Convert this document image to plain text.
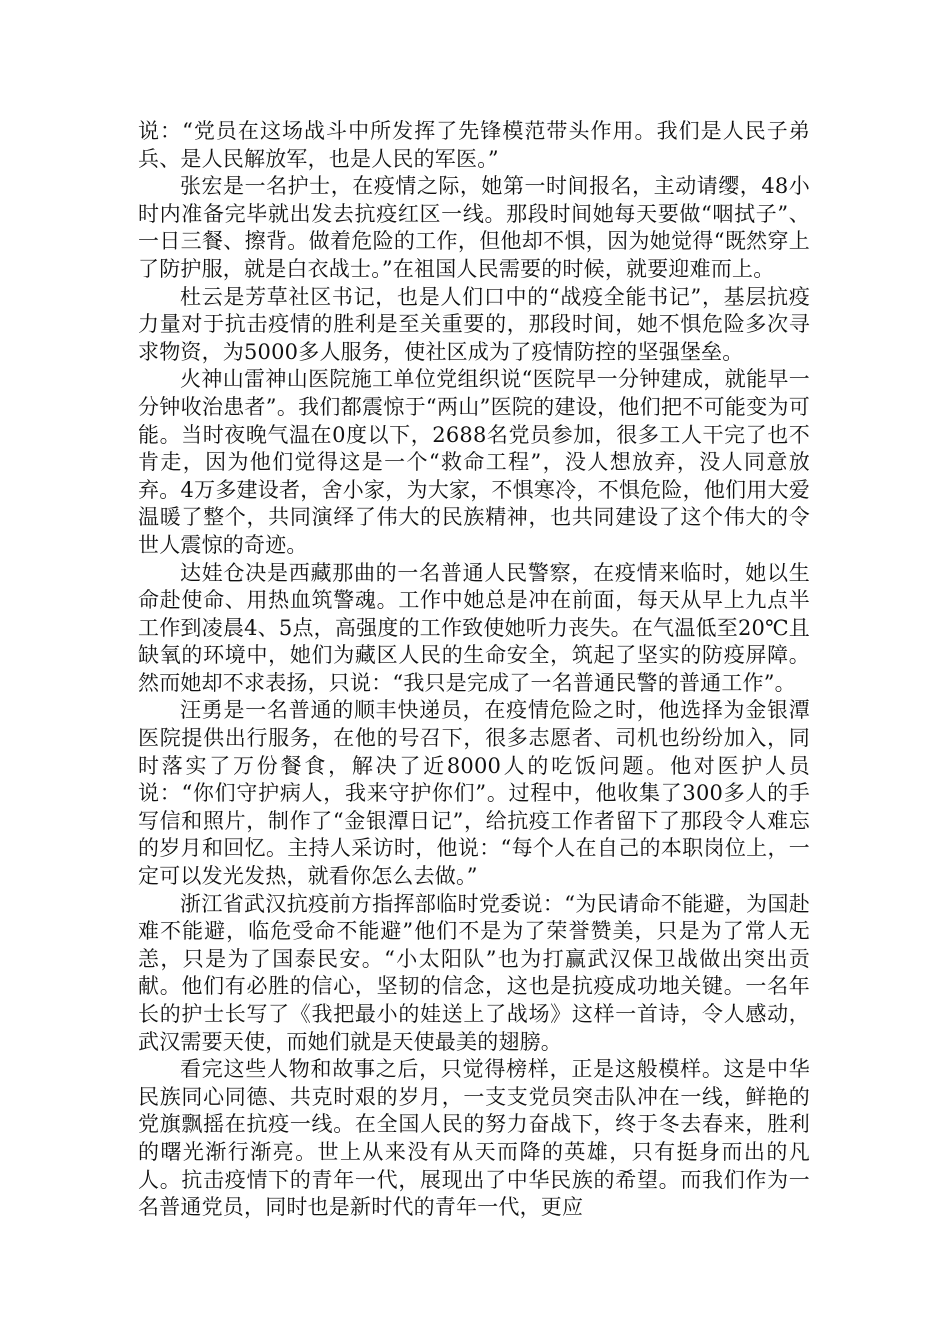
说：“党员在这场战斗中所发挥了先锋模范带头作用。我们是人民子弟兵、是人民解放军，也是人民的军医。”

张宏是一名护士，在疫情之际，她第一时间报名，主动请缨，48小时内准备完毕就出发去抗疫红区一线。那段时间她每天要做“咽拭子”、一日三餐、擦背。做着危险的工作，但他却不惧，因为她觉得“既然穿上了防护服，就是白衣战士。”在祖国人民需要的时候，就要迎难而上。

杜云是芳草社区书记，也是人们口中的“战疫全能书记”，基层抗疫力量对于抗击疫情的胜利是至关重要的，那段时间，她不惧危险多次寻求物资，为5000多人服务，使社区成为了疫情防控的坚强堡垒。

火神山雷神山医院施工单位党组织说“医院早一分钟建成，就能早一分钟收治患者”。我们都震惊于“两山”医院的建设，他们把不可能变为可能。当时夜晚气温在0度以下，2688名党员参加，很多工人干完了也不肯走，因为他们觉得这是一个“救命工程”，没人想放弃，没人同意放弃。4万多建设者，舍小家，为大家，不惧寒冷，不惧危险，他们用大爱温暖了整个，共同演绎了伟大的民族精神，也共同建设了这个伟大的令世人震惊的奇迹。

达娃仓决是西藏那曲的一名普通人民警察，在疫情来临时，她以生命赴使命、用热血筑警魂。工作中她总是冲在前面，每天从早上九点半工作到凌晨4、5点，高强度的工作致使她听力丧失。在气温低至20℃且缺氧的环境中，她们为藏区人民的生命安全，筑起了坚实的防疫屏障。然而她却不求表扬，只说：“我只是完成了一名普通民警的普通工作”。

汪勇是一名普通的顺丰快递员，在疫情危险之时，他选择为金银潭医院提供出行服务，在他的号召下，很多志愿者、司机也纷纷加入，同时落实了万份餐食，解决了近8000人的吃饭问题。他对医护人员说：“你们守护病人，我来守护你们”。过程中，他收集了300多人的手写信和照片，制作了“金银潭日记”，给抗疫工作者留下了那段令人难忘的岁月和回忆。主持人采访时，他说：“每个人在自己的本职岗位上，一定可以发光发热，就看你怎么去做。”

浙江省武汉抗疫前方指挥部临时党委说：“为民请命不能避，为国赴难不能避，临危受命不能避”他们不是为了荣誉赞美，只是为了常人无恙，只是为了国泰民安。“小太阳队”也为打赢武汉保卫战做出突出贡献。他们有必胜的信心，坚韧的信念，这也是抗疫成功地关键。一名年长的护士长写了《我把最小的娃送上了战场》这样一首诗，令人感动，武汉需要天使，而她们就是天使最美的翅膀。

看完这些人物和故事之后，只觉得榜样，正是这般模样。这是中华民族同心同德、共克时艰的岁月，一支支党员突击队冲在一线，鲜艳的党旗飘摇在抗疫一线。在全国人民的努力奋战下，终于冬去春来，胜利的曙光渐行渐亮。世上从来没有从天而降的英雄，只有挺身而出的凡人。抗击疫情下的青年一代，展现出了中华民族的希望。而我们作为一名普通党员，同时也是新时代的青年一代，更应
